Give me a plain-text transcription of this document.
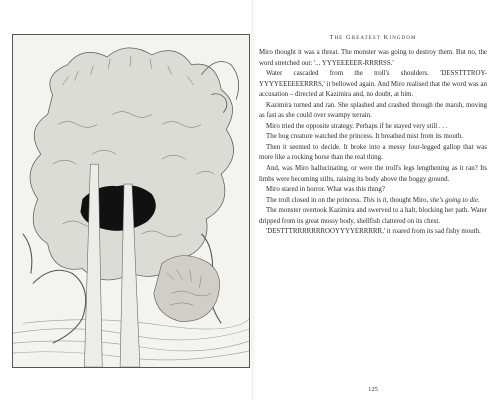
The Greatest Kingdom

Miro thought it was a threat. The monster was going to destroy them. But no, the word stretched out: '... YYYEEEEER-RRRRSS.'

Water cascaded from the troll's shoulders. 'DESSTTTROY-YYYYEEEEEERRRS,' it bellowed again. And Miro realised that the word was an accusation – directed at Kazimira and, no doubt, at him.

Kazimira turned and ran. She splashed and crashed through the marsh, moving as fast as she could over swampy terrain.

Miro tried the opposite strategy. Perhaps if he stayed very still . . .

The bog creature watched the princess. It breathed mist from its mouth.

Then it seemed to decide. It broke into a messy four-legged gallop that was more like a rocking horse than the real thing.

And, was Miro hallucinating, or were the troll's legs lengthening as it ran? Its limbs were becoming stilts, raising its body above the boggy ground.

Miro stared in horror. What was this thing?

The troll closed in on the princess. This is it, thought Miro, she's going to die.

The monster overtook Kazimira and swerved to a halt, blocking her path. Water dripped from its great mossy body, shellfish clattered on its chest.

'DESTTTRRRRRRROOYYYYERRRRR,' it roared from its sad fishy mouth.

125
